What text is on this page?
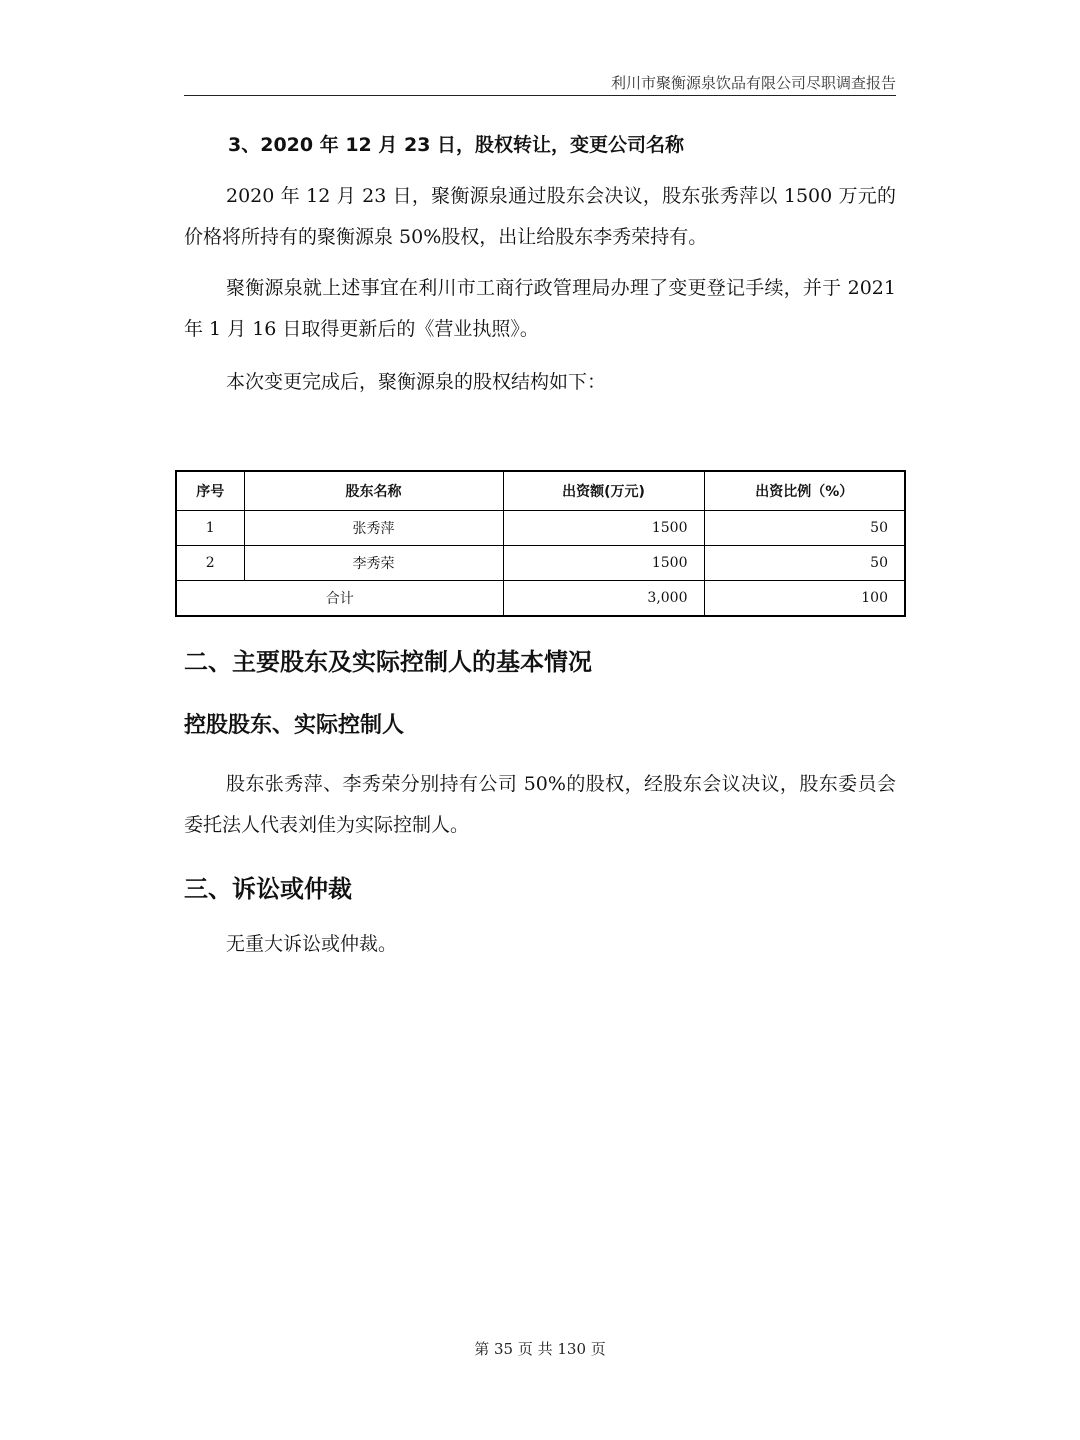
利川市聚衡源泉饮品有限公司尽职调查报告
3、2020 年 12 月 23 日，股权转让，变更公司名称
2020 年 12 月 23 日，聚衡源泉通过股东会决议，股东张秀萍以 1500 万元的价格将所持有的聚衡源泉 50%股权，出让给股东李秀荣持有。
聚衡源泉就上述事宜在利川市工商行政管理局办理了变更登记手续，并于 2021 年 1 月 16 日取得更新后的《营业执照》。
本次变更完成后，聚衡源泉的股权结构如下：
序号	股东名称	出资额(万元)	出资比例（%）
1	张秀萍	1500	50
2	李秀荣	1500	50
合计		3,000	100
二、主要股东及实际控制人的基本情况
控股股东、实际控制人
股东张秀萍、李秀荣分别持有公司 50%的股权，经股东会议决议，股东委员会委托法人代表刘佳为实际控制人。
三、诉讼或仲裁
无重大诉讼或仲裁。
第 35 页 共 130 页
